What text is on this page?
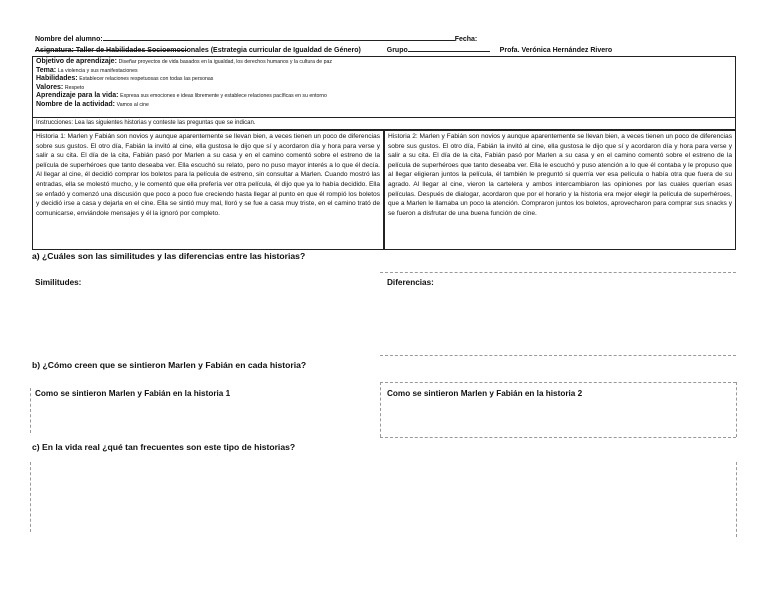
Nombre del alumno:	Fecha:
Asignatura: Taller de Habilidades Socioemocionales (Estrategia curricular de Igualdad de Género)	Grupo	Profa. Verónica Hernández Rivero
Objetivo de aprendizaje: Diseñar proyectos de vida basados en la igualdad, los derechos humanos y la cultura de paz
Tema: La violencia y sus manifestaciones
Habilidades: Establecer relaciones respetuosas con todas las personas
Valores: Respeto
Aprendizaje para la vida: Expresa sus emociones e ideas libremente y establece relaciones pacíficas en su entorno
Nombre de la actividad: Vamos al cine
Instrucciones: Lea las siguientes historias y conteste las preguntas que se indican.
Historia 1: Marlen y Fabián son novios y aunque aparentemente se llevan bien, a veces tienen un poco de diferencias sobre sus gustos. El otro día, Fabián la invitó al cine, ella gustosa le dijo que sí y acordaron día y hora para verse y salir a su cita. El día de la cita, Fabián pasó por Marlen a su casa y en el camino comentó sobre el estreno de la película de superhéroes que tanto deseaba ver. Ella escuchó su relato, pero no puso mayor interés a lo que él decía. Al llegar al cine, él decidió comprar los boletos para la película de estreno, sin consultar a Marlen. Cuando mostró las entradas, ella se molestó mucho, y le comentó que ella prefería ver otra película, él dijo que ya lo había decidido. Ella se enfadó y comenzó una discusión que poco a poco fue creciendo hasta llegar al punto en que él rompió los boletos y decidió irse a casa y dejarla en el cine. Ella se sintió muy mal, lloró y se fue a casa muy triste, en el camino trató de comunicarse, enviándole mensajes y él la ignoró por completo.
Historia 2: Marlen y Fabián son novios y aunque aparentemente se llevan bien, a veces tienen un poco de diferencias sobre sus gustos. El otro día, Fabián la invitó al cine, ella gustosa le dijo que sí y acordaron día y hora para verse y salir a su cita. El día de la cita, Fabián pasó por Marlen a su casa y en el camino comentó sobre el estreno de la película de superhéroes que tanto deseaba ver. Ella le escuchó y puso atención a lo que él contaba y le propuso que al llegar eligieran juntos la película, él también le preguntó si querría ver esa película o había otra que fuera de su agrado. Al llegar al cine, vieron la cartelera y ambos intercambiaron las opiniones por las cuales querían esas películas. Después de dialogar, acordaron que por el horario y la historia era mejor elegir la película de superhéroes, que a Marlen le llamaba un poco la atención. Compraron juntos los boletos, aprovecharon para comprar sus snacks y se fueron a disfrutar de una buena función de cine.
a) ¿Cuáles son las similitudes y las diferencias entre las historias?
Similitudes:	Diferencias:
b) ¿Cómo creen que se sintieron Marlen y Fabián en cada historia?
Como se sintieron Marlen y Fabián en la historia 1	Como se sintieron Marlen y Fabián en la historia 2
c) En la vida real ¿qué tan frecuentes son este tipo de historias?
